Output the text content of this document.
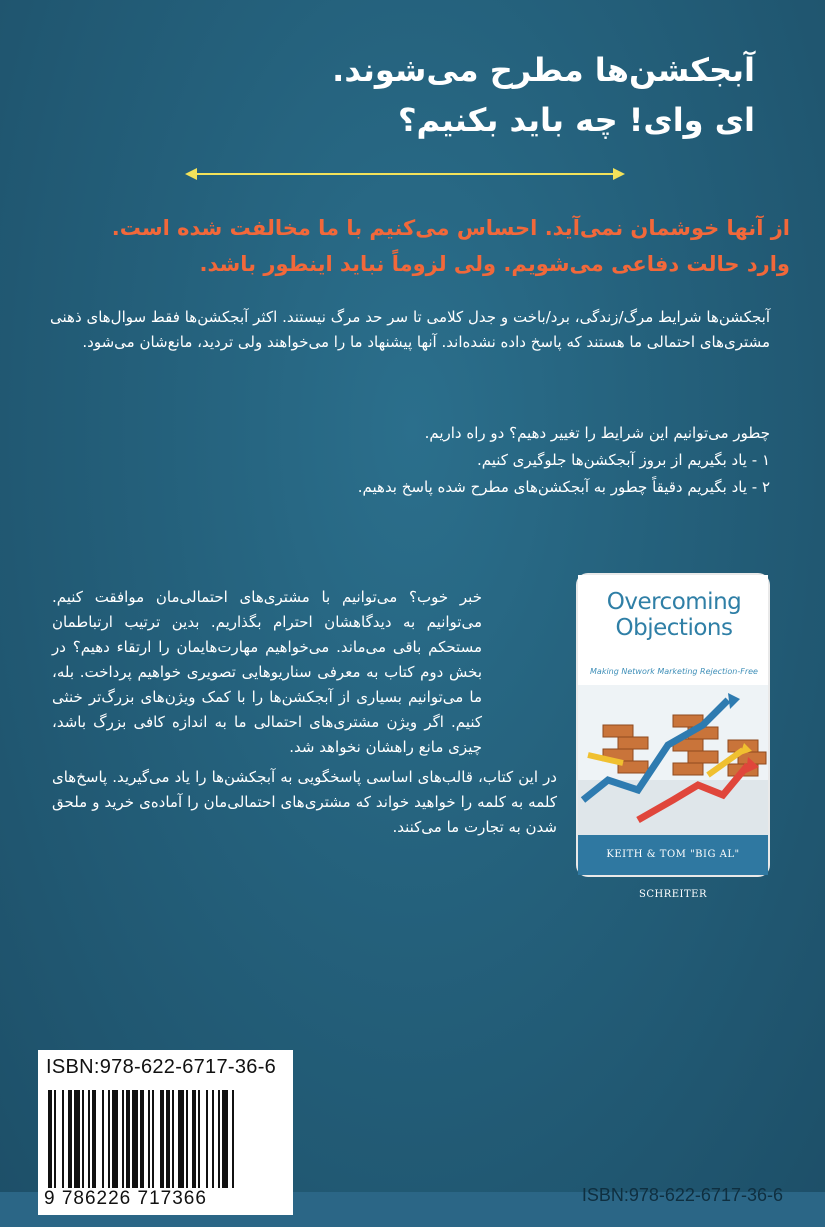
آبجکشن‌ها مطرح می‌شوند.
ای وای! چه باید بکنیم؟
از آنها خوشمان نمی‌آید. احساس می‌کنیم با ما مخالفت شده است.
وارد حالت دفاعی می‌شویم. ولی لزوماً نباید اینطور باشد.
آبجکشن‌ها شرایط مرگ/زندگی، برد/باخت و جدل کلامی تا سر حد مرگ نیستند. اکثر آبجکشن‌ها فقط سوال‌های ذهنی مشتری‌های احتمالی ما هستند که پاسخ داده نشده‌اند. آنها پیشنهاد ما را می‌خواهند ولی تردید، مانع‌شان می‌شود.
چطور می‌توانیم این شرایط را تغییر دهیم؟ دو راه داریم.
۱ - یاد بگیریم از بروز آبجکشن‌ها جلوگیری کنیم.
۲ - یاد بگیریم دقیقاً چطور به آبجکشن‌های مطرح شده پاسخ بدهیم.
Overcoming
Objections
Making Network Marketing Rejection-Free
KEITH & TOM "BIG AL" SCHREITER
خبر خوب؟ می‌توانیم با مشتری‌های احتمالی‌مان موافقت کنیم. می‌توانیم به دیدگاهشان احترام بگذاریم. بدین ترتیب ارتباطمان مستحکم باقی می‌ماند. می‌خواهیم مهارت‌هایمان را ارتقاء دهیم؟ در بخش دوم کتاب به معرفی سناریوهایی تصویری خواهیم پرداخت. بله، ما می‌توانیم بسیاری از آبجکشن‌ها را با کمک ویژن‌های بزرگ‌تر خنثی کنیم. اگر ویژن مشتری‌های احتمالی ما به اندازه کافی بزرگ باشد، چیزی مانع راهشان نخواهد شد.
در این کتاب، قالب‌های اساسی پاسخگویی به آبجکشن‌ها را یاد می‌گیرید. پاسخ‌های کلمه به کلمه را خواهید خواند که مشتری‌های احتمالی‌مان را آماده‌ی خرید و ملحق شدن به تجارت ما می‌کنند.
ISBN:978-622-6717-36-6
9 786226 717366	ISBN:978-622-6717-36-6
